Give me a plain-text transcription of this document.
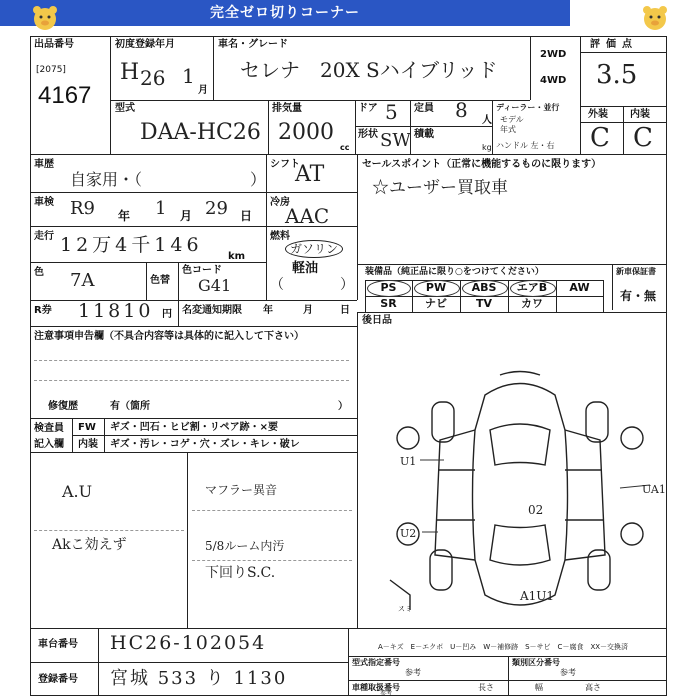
完全ゼロ切りコーナー
出品番号
[2075]
4167
初度登録年月
H 26 1
月
車名・グレード
セレナ　20X Sハイブリッド
2WD
4WD
評価点
3.5
外装 内装
C C
型式
DAA-HC26
排気量
2000
cc
ドア 5 定員 8 人
ディーラー・並行
モデル
年式
ハンドル 左・右
形状 SW 積載
kg
車歴
自家用・（	）
シフト
AT	セールスポイント（正常に機能するものに限ります）
☆ユーザー買取車
車検 R9 年 1 月 29 日
冷房
AAC
走行 12万4千146
km
燃料
ガソリン
軽油
色 7A	色替
色コード
G41	（	）
装備品（純正品に限り○をつけてください）	新車保証書
有・無
PS	PW	ABS	エアB	AW
SR	ナビ	TV	カワ
R券 11810 円 名変通知期限 年	月	日
後日品
注意事項申告欄（不具合内容等は具体的に記入して下さい）
修復歴	有（箇所	）
検査員
記入欄
FW ギズ・凹石・ヒビ割・リペア跡・×要
内装 ギズ・汚レ・コゲ・穴・ズレ・キレ・破レ
A.U
Akこ効えず
マフラー異音
5/8ルーム内汚
下回りS.C.
U1
U2
02
UA1
A1U1
スミ
車台番号 HC26-102054
登録番号 宮城 533 り 1130
A－キズ　E－エクボ　U－凹み　W－補修跡　S－サビ　C－腐食　XX－交換済
型式指定番号
参考
類別区分番号
参考
車種取扱番号
参考
長さ	幅	高さ
